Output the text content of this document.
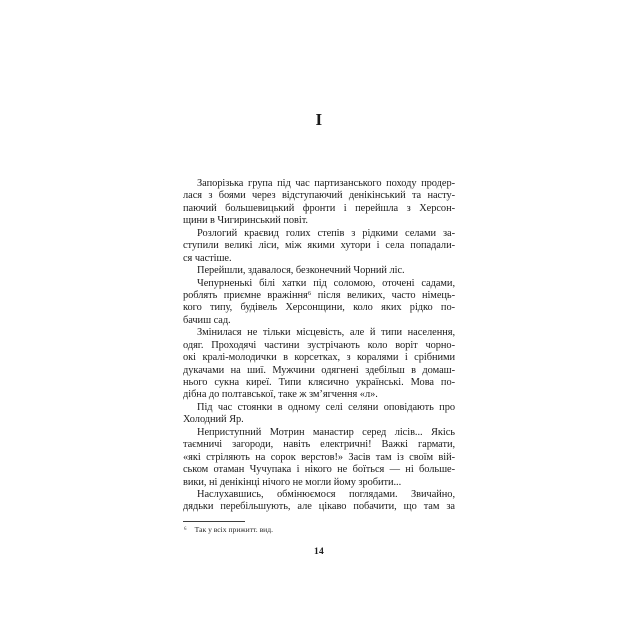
I
Запорізька група під час партизанського походу продер-
лася з боями через відступаючий денікінський та насту-
паючий большевицький фронти і перейшла з Херсон-
щини в Чигиринський повіт.
Розлогий краєвид голих степів з рідкими селами за-
ступили великі ліси, між якими хутори і села попадали-
ся частіше.
Перейшли, здавалося, безконечний Чорний ліс.
Чепурненькі білі хатки під соломою, оточені садами,
роблять приємне вражіння⁶ після великих, часто німець-
кого типу, будівель Херсонщини, коло яких рідко по-
бачиш сад.
Змінилася не тільки місцевість, але й типи населення,
одяг. Проходячі частини зустрічають коло воріт чорно-
окі кралі-молодички в корсетках, з коралями і срібними
дукачами на шиї. Мужчини одягнені здебільш в домаш-
нього сукна киреї. Типи клясично українські. Мова по-
дібна до полтавської, таке ж зм’ягчення «л».
Під час стоянки в одному селі селяни оповідають про
Холодний Яр.
Неприступний Мотрин манастир серед лісів... Якісь
таємничі загороди, навіть електричні! Важкі гармати,
«які стріляють на сорок верстов!» Засів там із своїм вій-
ськом отаман Чучупака і нікого не боїться — ні больше-
вики, ні денікінці нічого не могли йому зробити...
Наслухавшись, обмінюємося поглядами. Звичайно,
дядьки перебільшують, але цікаво побачити, що там за
⁶ Так у всіх прижитт. вид.
14
